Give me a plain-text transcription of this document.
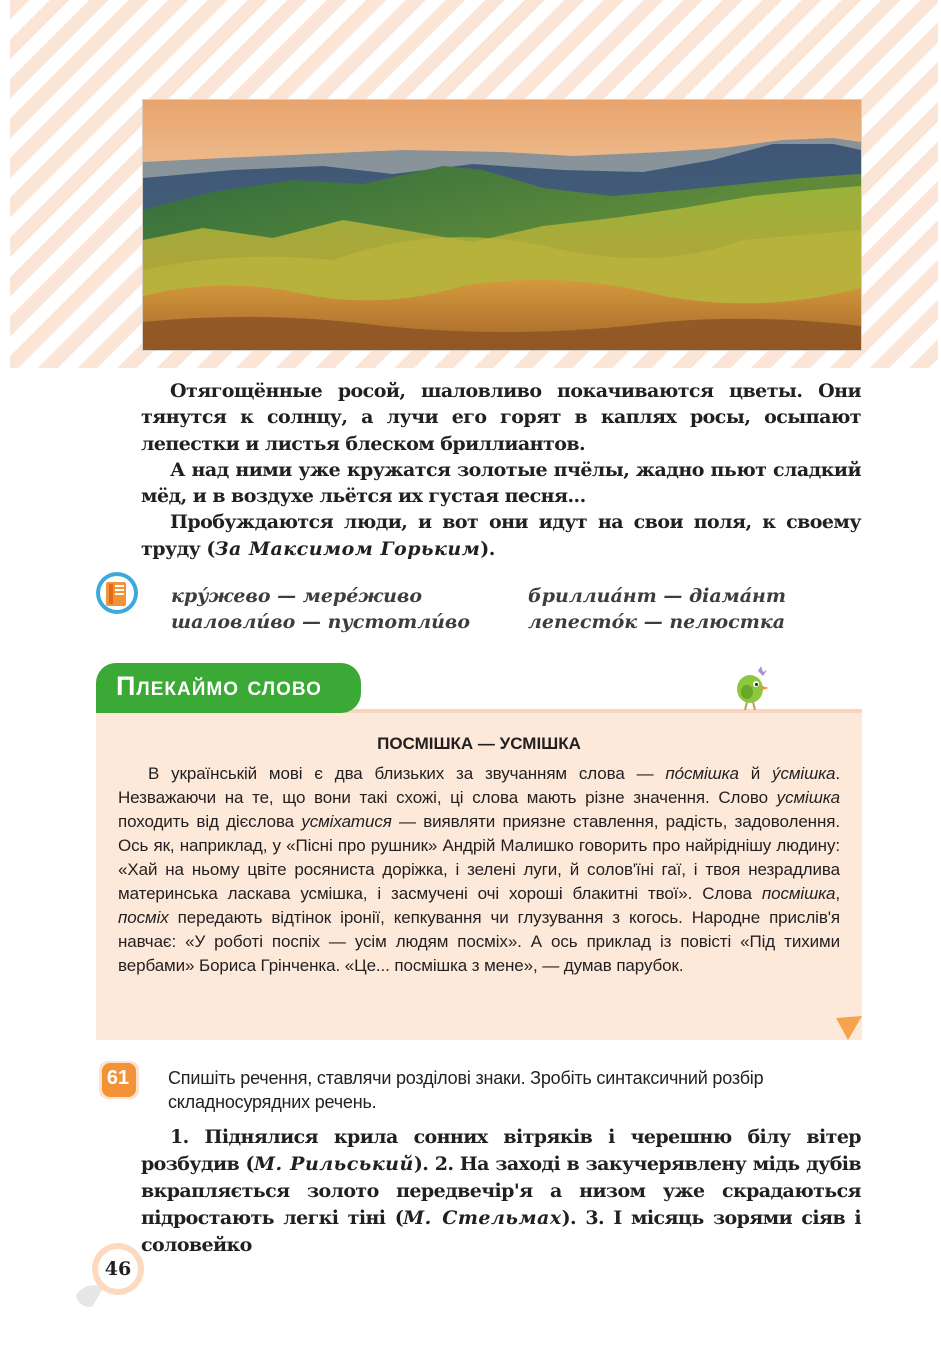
Отягощённые росой, шаловливо покачиваются цветы. Они тянутся к солнцу, а лучи его горят в каплях росы, осыпают лепестки и листья блеском бриллиантов.

А над ними уже кружатся золотые пчёлы, жадно пьют сладкий мёд, и в воздухе льётся их густая песня...

Пробуждаются люди, и вот они идут на свои поля, к своему труду (За Максимом Горьким).

кру́жево — мере́живо	бриллиа́нт — діама́нт
шаловли́во — пустотли́во	лепесто́к — пелюстка
Плекаймо слово
ПОСМІШКА — УСМІШКА

В українській мові є два близьких за звучанням слова — по́смішка й у́смішка. Незважаючи на те, що вони такі схожі, ці слова мають різне значення. Слово усмішка походить від дієслова усміхатися — виявляти приязне ставлення, радість, задоволення. Ось як, наприклад, у «Пісні про рушник» Андрій Малишко говорить про найріднішу людину: «Хай на ньому цвіте росяниста доріжка, і зелені луги, й солов'їні гаї, і твоя незрадлива материнська ласкава усмішка, і засмучені очі хороші блакитні твої». Слова посмішка, посміх передають відтінок іронії, кепкування чи глузування з когось. Народне прислів'я навчає: «У роботі поспіх — усім людям посміх». А ось приклад із повісті «Під тихими вербами» Бориса Грінченка. «Це... посмішка з мене», — думав парубок.

61	Спишіть речення, ставлячи розділові знаки. Зробіть синтаксичний розбір складносурядних речень.

1. Піднялися крила сонних вітряків і черешню білу вітер розбудив (М. Рильський). 2. На заході в закучерявлену мідь дубів вкрапляється золото передвечір'я а низом уже скрадаються підростають легкі тіні (М. Стельмах). 3. І місяць зорями сіяв і соловейко

46
